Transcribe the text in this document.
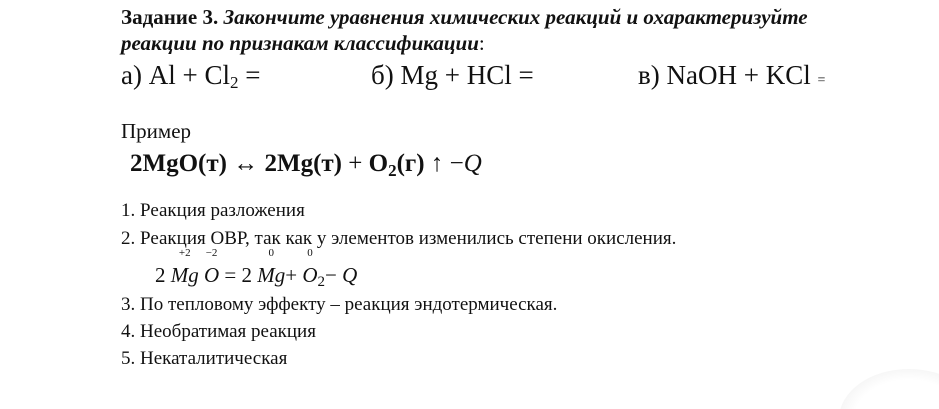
Задание 3. Закончите уравнения химических реакций и охарактеризуйте
реакции по признакам классификации:
а) $Al + Cl_2$ =	б) Mg + HCl =	в) NaOH + KCl =
Пример
2MgO(т) ↔ $2Mg(т) + O_2(г)$ ↑ −Q
1. Реакция разложения
2. Реакция ОВР, так как у элементов изменились степени окисления.
2
+2
Mg
−2
O = 2
0
Mg+
0
$O_2- Q$
3. По тепловому эффекту – реакция эндотермическая.
4. Необратимая реакция
5. Некаталитическая
